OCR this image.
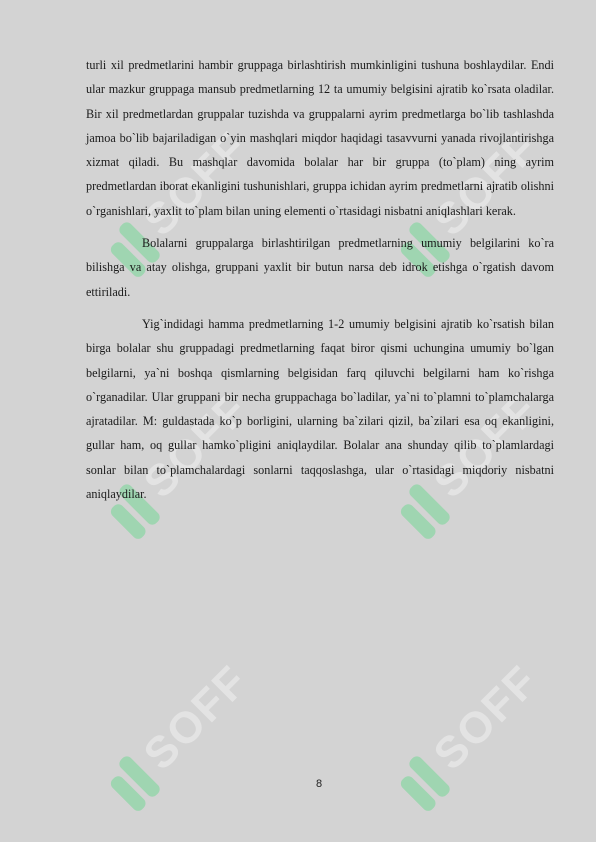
SOFF	SOFF
SOFF	SOFF
SOFF	SOFF

turli xil predmetlarini hambir gruppaga birlashtirish mumkinligini tushuna boshlaydilar. Endi ular mazkur gruppaga mansub predmetlarning 12 ta umumiy belgisini ajratib ko`rsata oladilar. Bir xil predmetlardan gruppalar tuzishda va gruppalarni ayrim predmetlarga bo`lib tashlashda jamoa bo`lib bajariladigan o`yin mashqlari miqdor haqidagi tasavvurni yanada rivojlantirishga xizmat qiladi. Bu mashqlar davomida bolalar har bir gruppa (to`plam) ning ayrim predmetlardan iborat ekanligini tushunishlari, gruppa ichidan ayrim predmetlarni ajratib olishni o`rganishlari, yaxlit to`plam bilan uning elementi o`rtasidagi nisbatni aniqlashlari kerak.

Bolalarni gruppalarga birlashtirilgan predmetlarning umumiy belgilarini ko`ra bilishga va atay olishga, gruppani yaxlit bir butun narsa deb idrok etishga o`rgatish davom ettiriladi.

Yig`indidagi hamma predmetlarning 1-2 umumiy belgisini ajratib ko`rsatish bilan birga bolalar shu gruppadagi predmetlarning faqat biror qismi uchungina umumiy bo`lgan belgilarni, ya`ni boshqa qismlarning belgisidan farq qiluvchi belgilarni ham ko`rishga o`rganadilar. Ular gruppani bir necha gruppachaga bo`ladilar, ya`ni to`plamni to`plamchalarga ajratadilar. M: guldastada ko`p borligini, ularning ba`zilari qizil, ba`zilari esa oq ekanligini, gullar ham, oq gullar hamko`pligini aniqlaydilar. Bolalar ana shunday qilib to`plamlardagi sonlar bilan to`plamchalardagi sonlarni taqqoslashga, ular o`rtasidagi miqdoriy nisbatni aniqlaydilar.

8
